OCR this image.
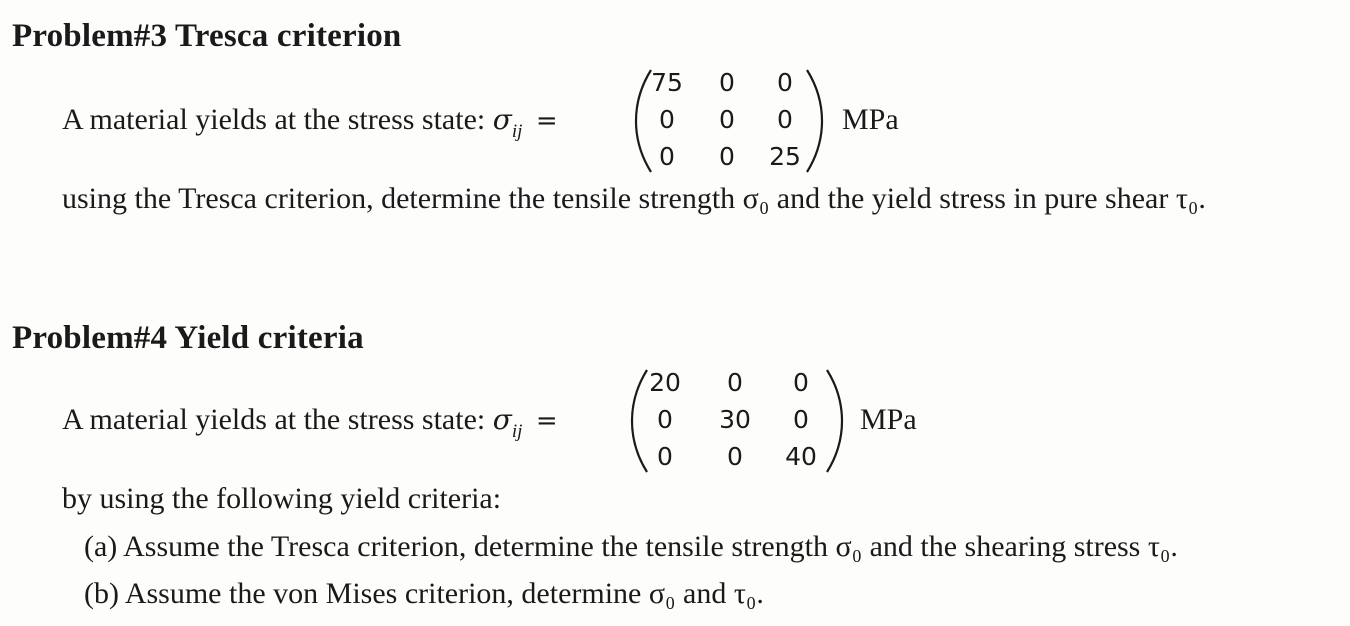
Problem#3 Tresca criterion
A material yields at the stress state: $\sigma_{ij}$ =
75	0	0
0	0	0
0	0	25
MPa
using the Tresca criterion, determine the tensile strength σ₀ and the yield stress in pure shear τ₀.
Problem#4 Yield criteria
A material yields at the stress state: $\sigma_{ij}$ =
20	0	0
0	30	0
0	0	40
MPa
by using the following yield criteria:
(a) Assume the Tresca criterion, determine the tensile strength σ₀ and the shearing stress τ₀.
(b) Assume the von Mises criterion, determine σ₀ and τ₀.
